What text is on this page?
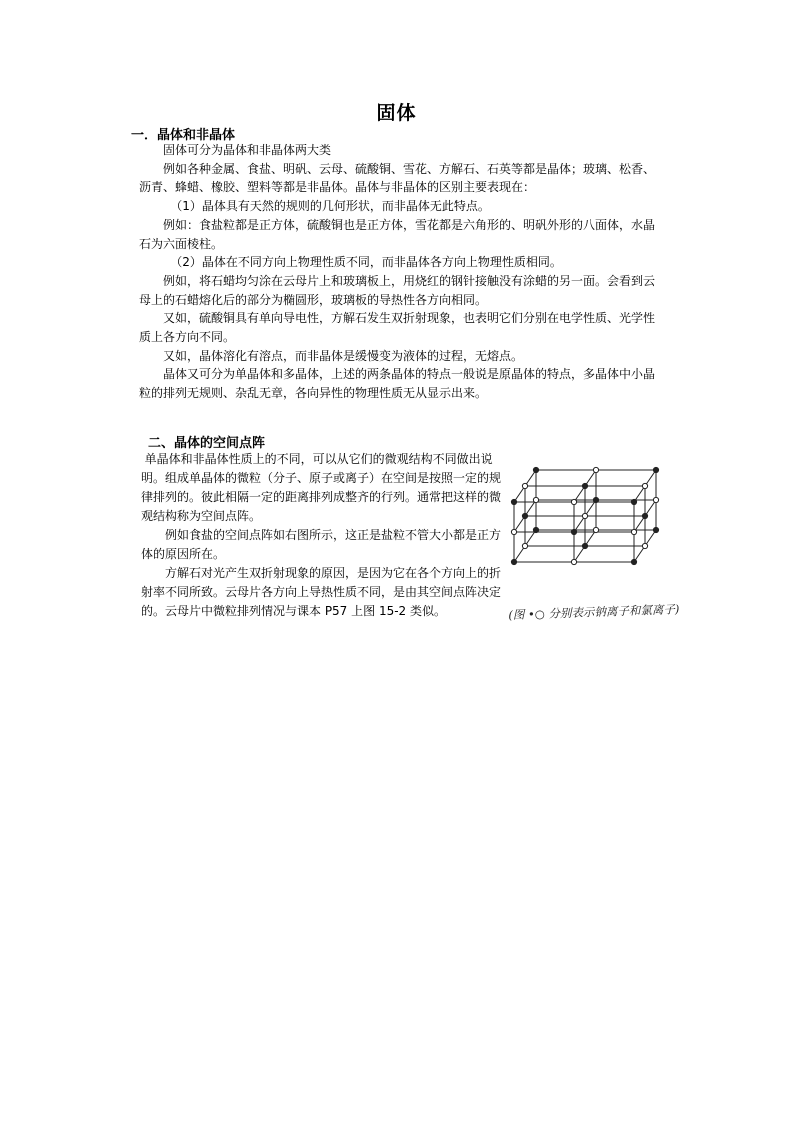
固体
一．晶体和非晶体

固体可分为晶体和非晶体两大类

例如各种金属、食盐、明矾、云母、硫酸铜、雪花、方解石、石英等都是晶体；玻璃、松香、沥青、蜂蜡、橡胶、塑料等都是非晶体。晶体与非晶体的区别主要表现在：

（1）晶体具有天然的规则的几何形状，而非晶体无此特点。

例如：食盐粒都是正方体，硫酸铜也是正方体，雪花都是六角形的、明矾外形的八面体，水晶石为六面棱柱。

（2）晶体在不同方向上物理性质不同，而非晶体各方向上物理性质相同。

例如，将石蜡均匀涂在云母片上和玻璃板上，用烧红的钢针接触没有涂蜡的另一面。会看到云母上的石蜡熔化后的部分为椭圆形，玻璃板的导热性各方向相同。

又如，硫酸铜具有单向导电性，方解石发生双折射现象，也表明它们分别在电学性质、光学性质上各方向不同。

又如，晶体溶化有溶点，而非晶体是缓慢变为液体的过程，无熔点。

晶体又可分为单晶体和多晶体，上述的两条晶体的特点一般说是原晶体的特点，多晶体中小晶粒的排列无规则、杂乱无章，各向异性的物理性质无从显示出来。

二、晶体的空间点阵

单晶体和非晶体性质上的不同，可以从它们的微观结构不同做出说明。组成单晶体的微粒（分子、原子或离子）在空间是按照一定的规律排列的。彼此相隔一定的距离排列成整齐的行列。通常把这样的微观结构称为空间点阵。

例如食盐的空间点阵如右图所示，这正是盐粒不管大小都是正方体的原因所在。

方解石对光产生双折射现象的原因，是因为它在各个方向上的折射率不同所致。云母片各方向上导热性质不同，是由其空间点阵决定的。云母片中微粒排列情况与课本 P57 上图 15-2 类似。	(图 •○ 分别表示钠离子和氯离子)
